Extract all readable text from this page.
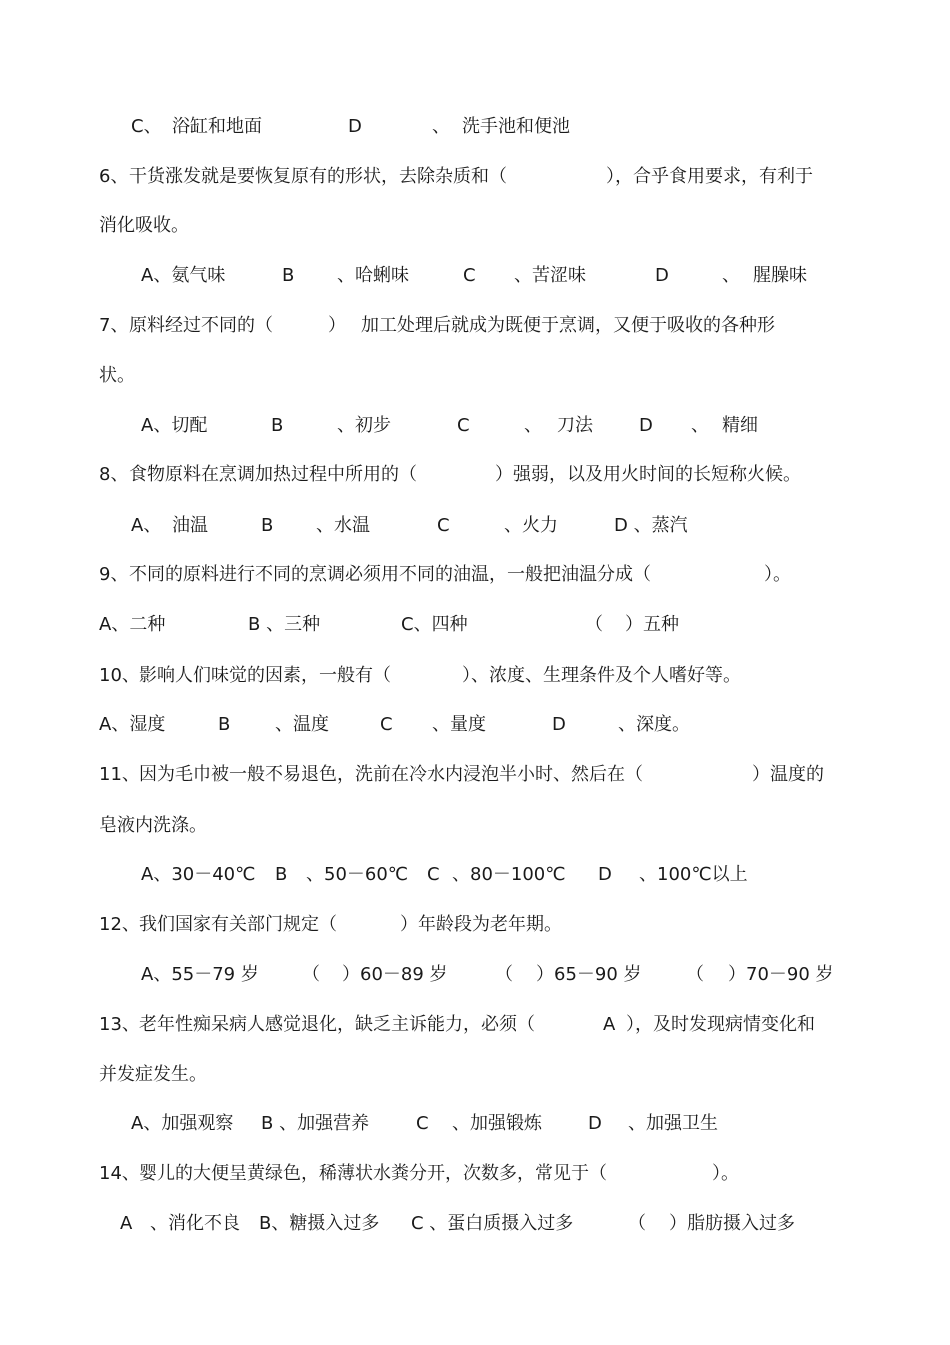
C、 浴缸和地面	D	、 洗手池和便池
6、 干货涨发就是要恢复原有的形状，去除杂质和（	），合乎食用要求，有利于
消化吸收。
A、氨气味	B 、哈蜊味	C 、苦涩味	D	、 腥臊味
7、 原料经过不同的（	） 加工处理后就成为既便于烹调，又便于吸收的各种形
状。
A、切配	B	、初步	C	、 刀法	D 、 精细
8、 食物原料在烹调加热过程中所用的（	）强弱，以及用火时间的长短称火候。
A、 油温	B 、水温	C	、火力	D 、蒸汽
9、 不同的原料进行不同的烹调必须用不同的油温，一般把油温分成（	）。
A、二种	B 、三种	C、四种	（ ）五种
10、 影响人们味觉的因素，一般有（	）、浓度、生理条件及个人嗜好等。
A、湿度	B 、温度	C 、量度	D	、深度。
11、 因为毛巾被一般不易退色，洗前在冷水内浸泡半小时、然后在（	）温度的
皂液内洗涤。
A、30－40℃ B 、50－60℃ C 、80－100℃ D 、100℃以上
12、 我们国家有关部门规定（	）年龄段为老年期。
A、55－79 岁 （ ）60－89 岁	（ ）65－90 岁 （ ）70－90 岁
13、 老年性痴呆病人感觉退化，缺乏主诉能力，必须（	A ），及时发现病情变化和
并发症发生。
A、加强观察 B 、加强营养	C 、加强锻炼	D 、加强卫生
14、 婴儿的大便呈黄绿色，稀薄状水粪分开，次数多，常见于（	）。
A 、消化不良 B、糖摄入过多 C 、蛋白质摄入过多	（ ）脂肪摄入过多
